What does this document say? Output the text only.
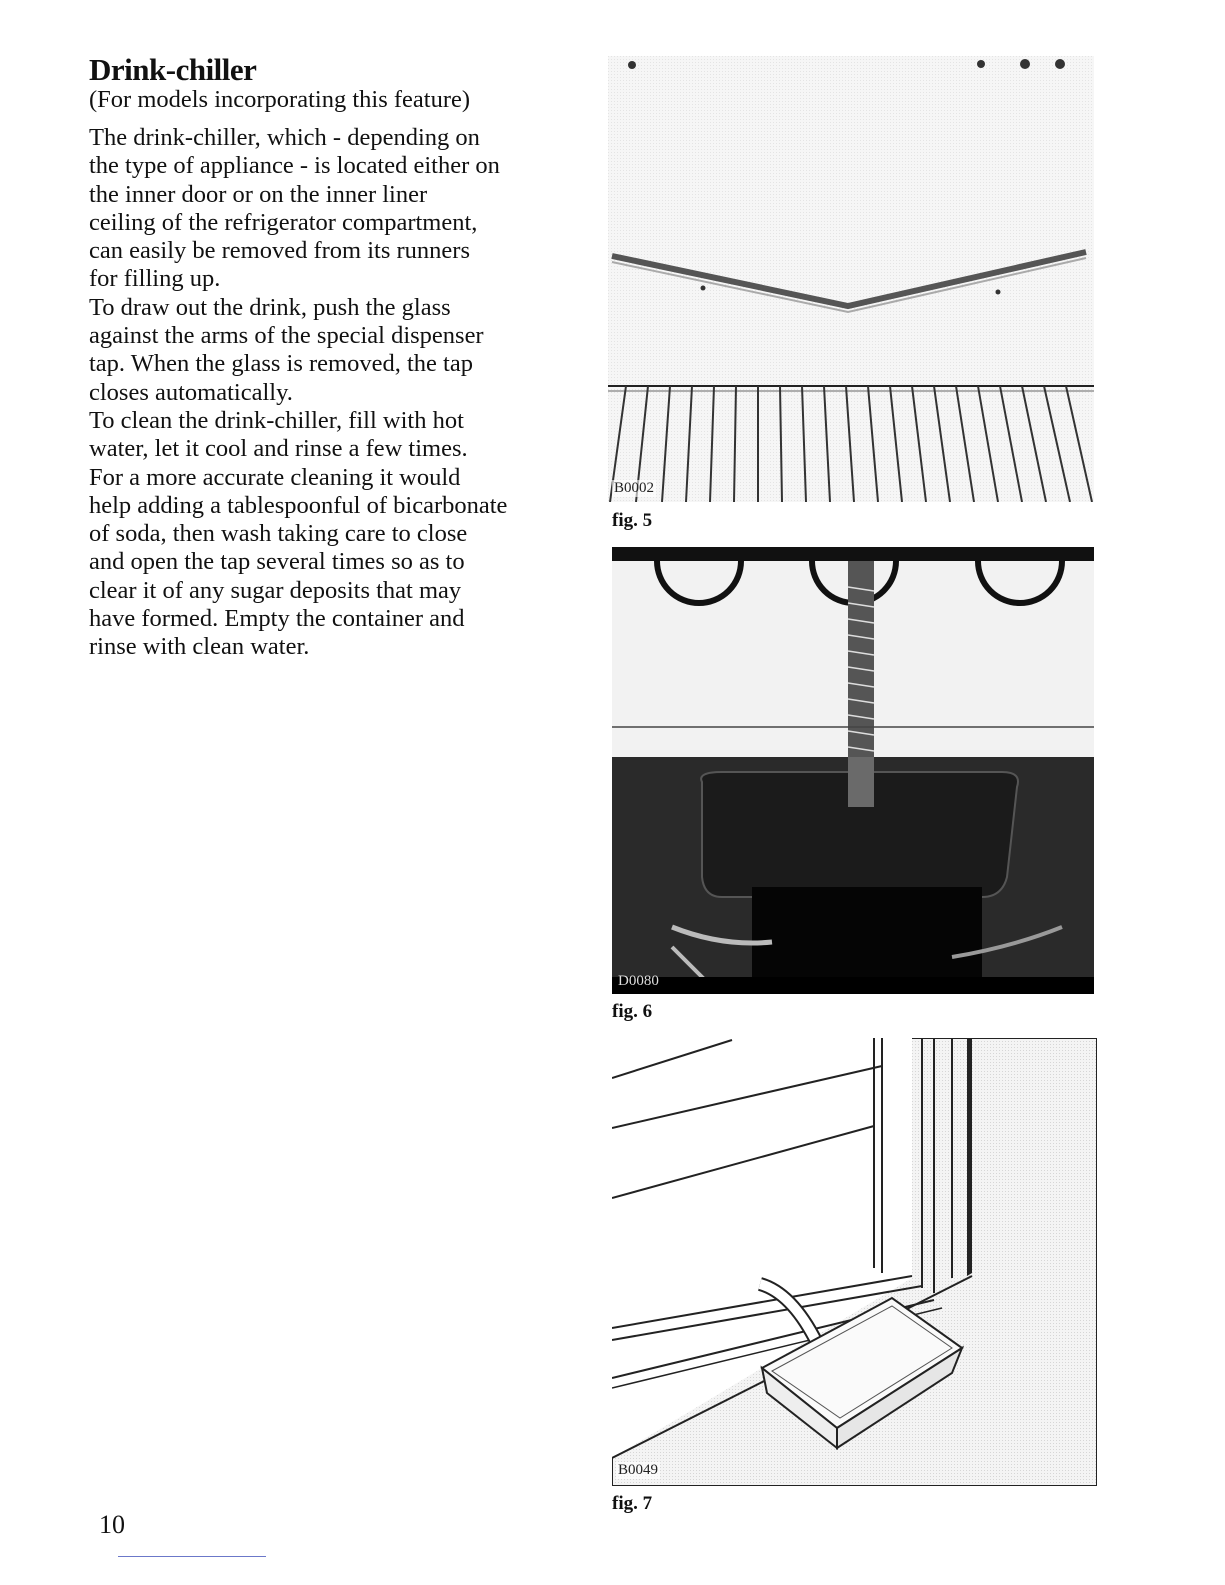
Drink-chiller
(For models incorporating this feature)
The drink-chiller, which - depending on
the type of appliance - is located either on
the inner door or on the inner liner
ceiling of the refrigerator compartment,
can easily be removed from its runners
for filling up.
To draw out the drink, push the glass
against the arms of the special dispenser
tap. When the glass is removed, the tap
closes automatically.
To clean the drink-chiller, fill with hot
water, let it cool and rinse a few times.
For a more accurate cleaning it would
help adding a tablespoonful of bicarbonate
of soda, then wash taking care to close
and open the tap several times so as to
clear it of any sugar deposits that may
have formed. Empty the container and
rinse with clean water.
B0002
fig. 5
D0080
fig. 6
B0049
fig. 7
10
